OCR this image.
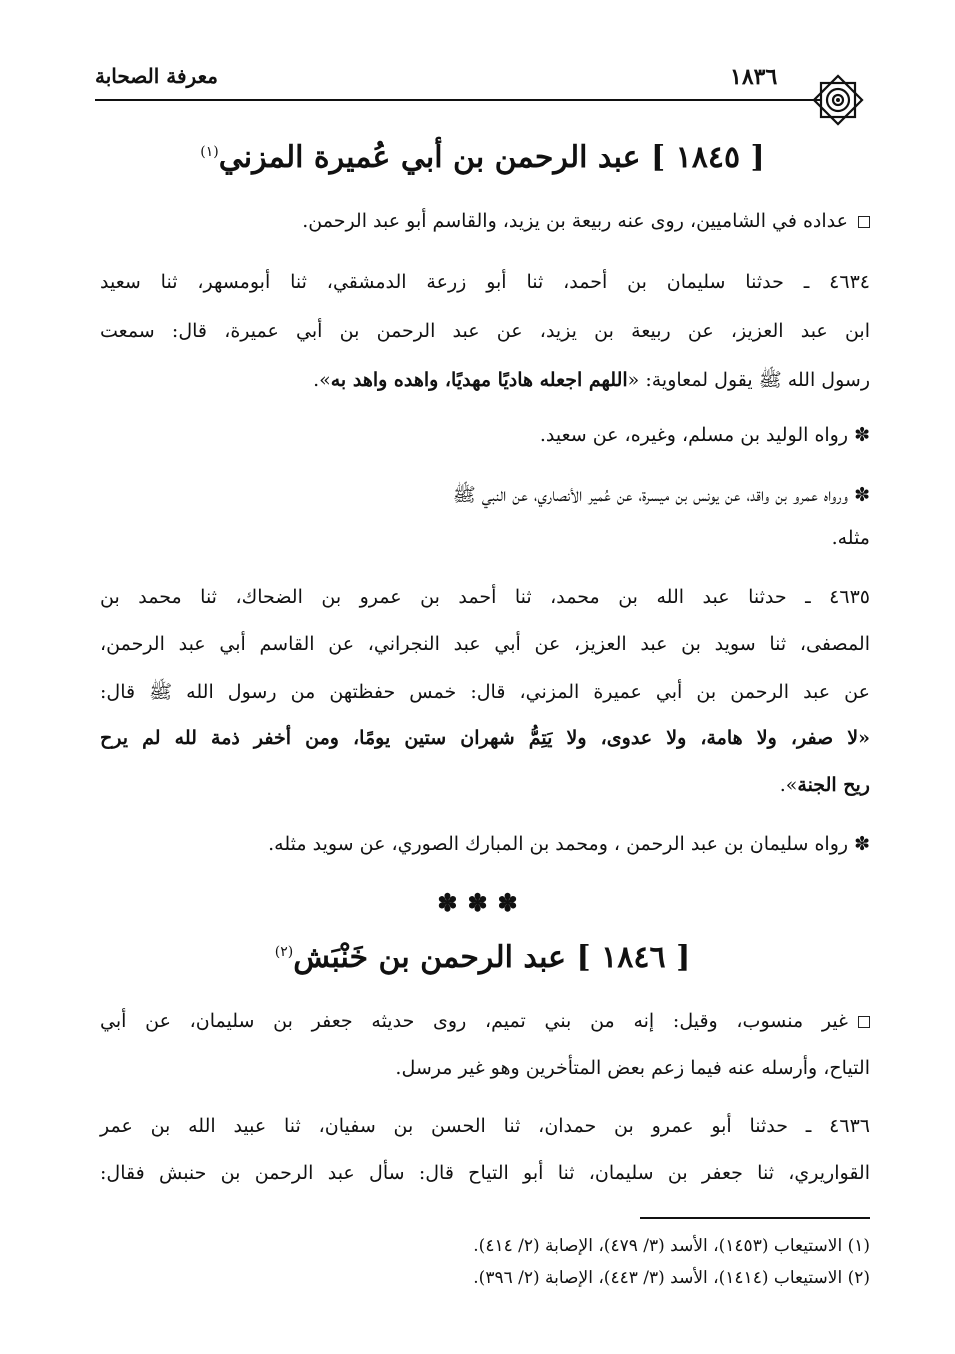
معرفة الصحابة	١٨٣٦
[ ١٨٤٥ ] عبد الرحمن بن أبي عُميرة المزني$^{(١)}$
عداده في الشاميين، روى عنه ربيعة بن يزيد، والقاسم أبو عبد الرحمن.
٤٦٣٤ ـ حدثنا سليمان بن أحمد، ثنا أبو زرعة الدمشقي، ثنا أبومسهر، ثنا سعيد
ابن عبد العزيز، عن ربيعة بن يزيد، عن عبد الرحمن بن أبي عميرة، قال: سمعت
رسول الله ﷺ يقول لمعاوية: «اللهم اجعله هاديًا مهديًا، واهده واهد به».
✽ رواه الوليد بن مسلم، وغيره، عن سعيد.
✽ ورواه عمرو بن واقد، عن يونس بن ميسرة، عن عُمير الأنصاري، عن النبي ﷺ
مثله.
٤٦٣٥ ـ حدثنا عبد الله بن محمد، ثنا أحمد بن عمرو بن الضحاك، ثنا محمد بن
المصفى، ثنا سويد بن عبد العزيز، عن أبي عبد النجراني، عن القاسم أبي عبد الرحمن،
عن عبد الرحمن بن أبي عميرة المزني، قال: خمس حفظتهن من رسول الله ﷺ قال:
«لا صفر، ولا هامة، ولا عدوى، ولا يَتِمُّ شهران ستين يومًا، ومن أخفر ذمة لله لم يرح
ريح الجنة».
✽ رواه سليمان بن عبد الرحمن ، ومحمد بن المبارك الصوري، عن سويد مثله.
✽✽✽
[ ١٨٤٦ ] عبد الرحمن بن خَنْبَش$^{(٢)}$
غير منسوب، وقيل: إنه من بني تميم، روى حديثه جعفر بن سليمان، عن أبي
التياح، وأرسله عنه فيما زعم بعض المتأخرين وهو غير مرسل.
٤٦٣٦ ـ حدثنا أبو عمرو بن حمدان، ثنا الحسن بن سفيان، ثنا عبيد الله بن عمر
القواريري، ثنا جعفر بن سليمان، ثنا أبو التياح قال: سأل عبد الرحمن بن حنبش فقال:
(١) الاستيعاب (١٤٥٣)، الأسد (٣/ ٤٧٩)، الإصابة (٢/ ٤١٤).
(٢) الاستيعاب (١٤١٤)، الأسد (٣/ ٤٤٣)، الإصابة (٢/ ٣٩٦).
